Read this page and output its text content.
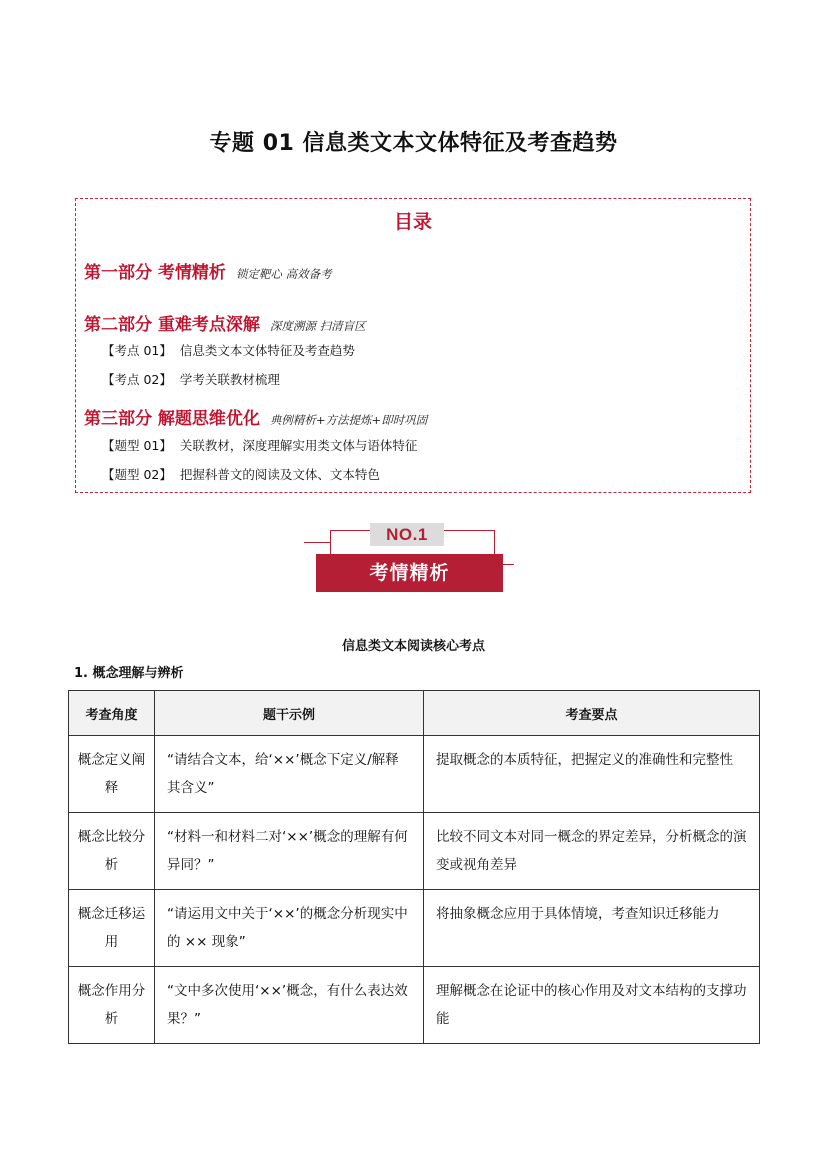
专题 01 信息类文本文体特征及考查趋势
目录
第一部分 考情精析 锁定靶心 高效备考
第二部分 重难考点深解 深度溯源 扫清盲区
【考点 01】 信息类文本文体特征及考查趋势
【考点 02】 学考关联教材梳理
第三部分 解题思维优化 典例精析+方法提炼+即时巩固
【题型 01】 关联教材，深度理解实用类文体与语体特征
【题型 02】 把握科普文的阅读及文体、文本特色
NO.1
考情精析
信息类文本阅读核心考点
1. 概念理解与辨析
考查角度	题干示例	考查要点
概念定义阐释	“请结合文本，给‘××’概念下定义/解释其含义”	提取概念的本质特征，把握定义的准确性和完整性
概念比较分析	“材料一和材料二对‘××’概念的理解有何异同？”	比较不同文本对同一概念的界定差异，分析概念的演变或视角差异
概念迁移运用	“请运用文中关于‘××’的概念分析现实中的 ×× 现象”	将抽象概念应用于具体情境，考查知识迁移能力
概念作用分析	“文中多次使用‘××’概念，有什么表达效果？”	理解概念在论证中的核心作用及对文本结构的支撑功能
